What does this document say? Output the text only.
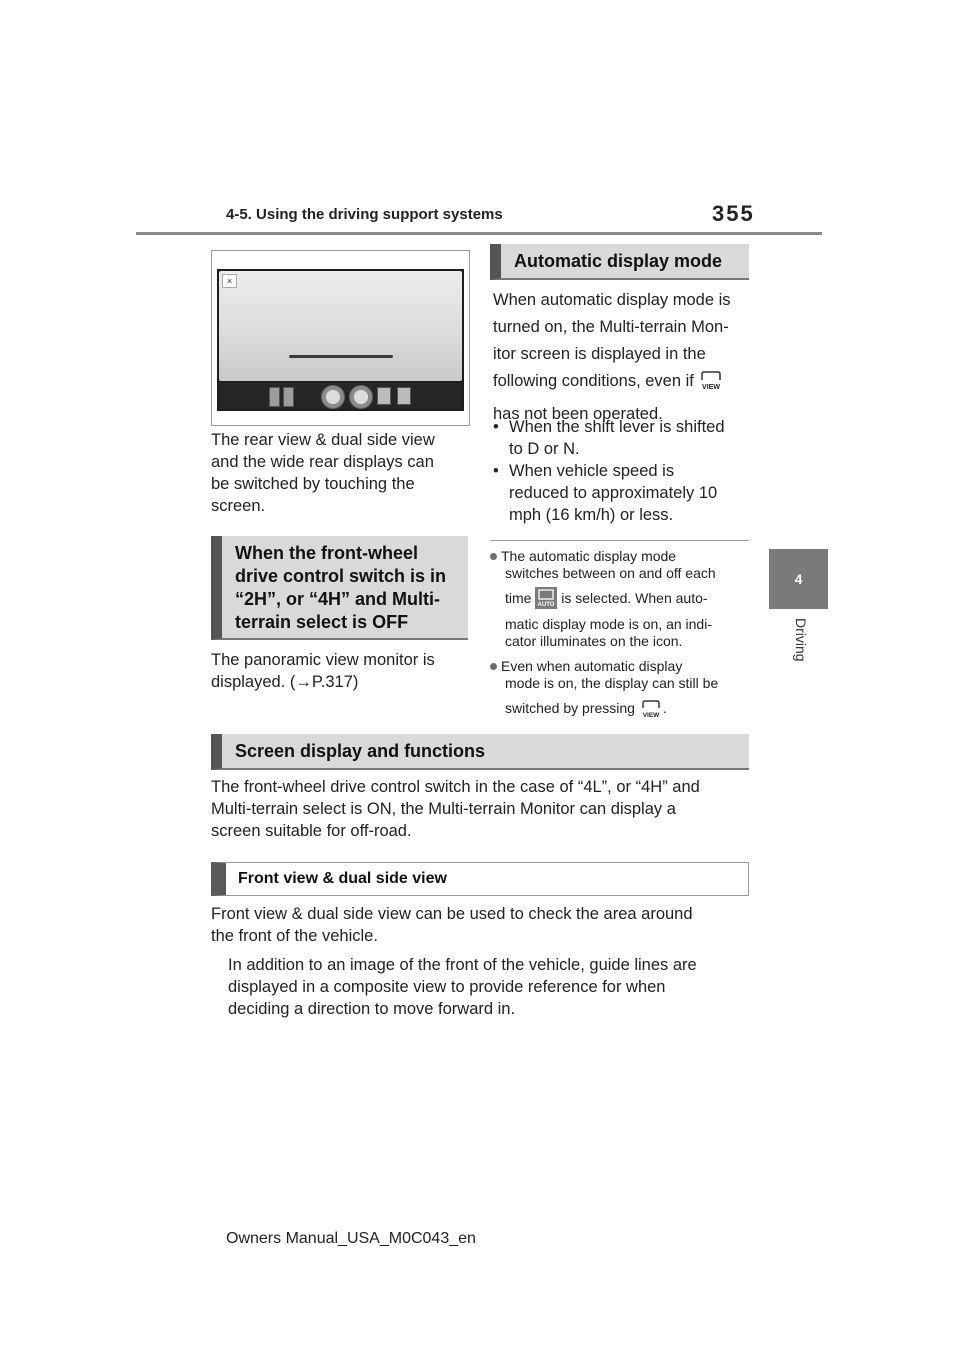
4-5. Using the driving support systems	355
4
Driving
×
The rear view & dual side view
and the wide rear displays can
be switched by touching the
screen.
When the front-wheel
drive control switch is in
“2H”, or “4H” and Multi-
terrain select is OFF
The panoramic view monitor is
displayed. (→P.317)
Automatic display mode
When automatic display mode is
turned on, the Multi-terrain Mon-
itor screen is displayed in the
following conditions, even if VIEW
has not been operated.
• When the shift lever is shifted
to D or N.
• When vehicle speed is
reduced to approximately 10
mph (16 km/h) or less.
The automatic display mode
switches between on and off each
time AUTO is selected. When auto-
matic display mode is on, an indi-
cator illuminates on the icon.
Even when automatic display
mode is on, the display can still be
switched by pressing VIEW .
Screen display and functions
The front-wheel drive control switch in the case of “4L”, or “4H” and
Multi-terrain select is ON, the Multi-terrain Monitor can display a
screen suitable for off-road.
Front view & dual side view
Front view & dual side view can be used to check the area around
the front of the vehicle.
In addition to an image of the front of the vehicle, guide lines are
displayed in a composite view to provide reference for when
deciding a direction to move forward in.
Owners Manual_USA_M0C043_en
